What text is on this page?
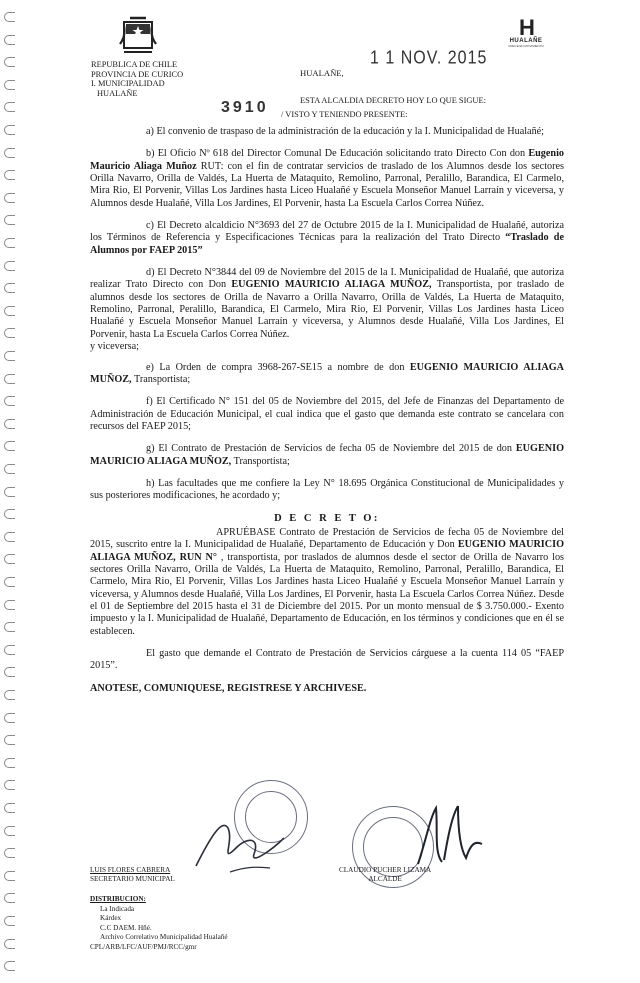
H
HUALAÑE
CRECE EN MOVIMIENTO
REPUBLICA DE CHILE
PROVINCIA DE CURICO
I. MUNICIPALIDAD
HUALAÑE
HUALAÑE,
1 1 NOV. 2015
ESTA ALCALDIA DECRETO HOY LO QUE SIGUE:
3910 / VISTO Y TENIENDO PRESENTE:

a) El convenio de traspaso de la administración de la educación y la I. Municipalidad de Hualañé;

b) El Oficio Nº 618 del Director Comunal De Educación solicitando trato Directo Con don Eugenio Mauricio Aliaga Muñoz RUT: con el fin de contratar servicios de traslado de los Alumnos desde los sectores Orilla Navarro, Orilla de Valdés, La Huerta de Mataquito, Remolino, Parronal, Peralillo, Barandica, El Carmelo, Mira Rio, El Porvenir, Villas Los Jardines hasta Liceo Hualañé y Escuela Monseñor Manuel Larraín y viceversa, y Alumnos desde Hualañé, Villa Los Jardines, El Porvenir, hasta La Escuela Carlos Correa Núñez.

c) El Decreto alcaldicio N°3693 del 27 de Octubre 2015 de la I. Municipalidad de Hualañé, autoriza los Términos de Referencia y Especificaciones Técnicas para la realización del Trato Directo “Traslado de Alumnos por FAEP 2015”

d) El Decreto N°3844 del 09 de Noviembre del 2015 de la I. Municipalidad de Hualañé, que autoriza realizar Trato Directo con Don EUGENIO MAURICIO ALIAGA MUÑOZ, Transportista, por traslado de alumnos desde los sectores de Orilla de Navarro a Orilla Navarro, Orilla de Valdés, La Huerta de Mataquito, Remolino, Parronal, Peralillo, Barandica, El Carmelo, Mira Rio, El Porvenir, Villas Los Jardines hasta Liceo Hualañé y Escuela Monseñor Manuel Larraín y viceversa, y Alumnos desde Hualañé, Villa Los Jardines, El Porvenir, hasta La Escuela Carlos Correa Núñez.

y viceversa;

e) La Orden de compra 3968-267-SE15 a nombre de don EUGENIO MAURICIO ALIAGA MUÑOZ, Transportista;

f) El Certificado N° 151 del 05 de Noviembre del 2015, del Jefe de Finanzas del Departamento de Administración de Educación Municipal, el cual indica que el gasto que demanda este contrato se cancelara con recursos del FAEP 2015;

g) El Contrato de Prestación de Servicios de fecha 05 de Noviembre del 2015 de don EUGENIO MAURICIO ALIAGA MUÑOZ, Transportista;

h) Las facultades que me confiere la Ley N° 18.695 Orgánica Constitucional de Municipalidades y sus posteriores modificaciones, he acordado y;

D E C R E T O:

APRUÉBASE Contrato de Prestación de Servicios de fecha 05 de Noviembre del 2015, suscrito entre la I. Municipalidad de Hualañé, Departamento de Educación y Don EUGENIO MAURICIO ALIAGA MUÑOZ, RUN N° , transportista, por traslados de alumnos desde el sector de Orilla de Navarro los sectores Orilla Navarro, Orilla de Valdés, La Huerta de Mataquito, Remolino, Parronal, Peralillo, Barandica, El Carmelo, Mira Rio, El Porvenir, Villas Los Jardines hasta Liceo Hualañé y Escuela Monseñor Manuel Larraín y viceversa, y Alumnos desde Hualañé, Villa Los Jardines, El Porvenir, hasta La Escuela Carlos Correa Núñez. Desde el 01 de Septiembre del 2015 hasta el 31 de Diciembre del 2015. Por un monto mensual de $ 3.750.000.- Exento impuesto y la I. Municipalidad de Hualañé, Departamento de Educación, en los términos y condiciones que en él se establecen.

El gasto que demande el Contrato de Prestación de Servicios cárguese a la cuenta 114 05 “FAEP 2015”.

ANOTESE, COMUNIQUESE, REGISTRESE Y ARCHIVESE.
LUIS FLORES CABRERA
SECRETARIO MUNICIPAL
CLAUDIO PUCHER LIZAMA
ALCALDE
DISTRIBUCION:
La Indicada
Kárdex
C.C DAEM. Hñé.
Archivo Correlativo Municipalidad Hualañé
CPL/ARB/LFC/AUF/PMJ/RCC/gmr
